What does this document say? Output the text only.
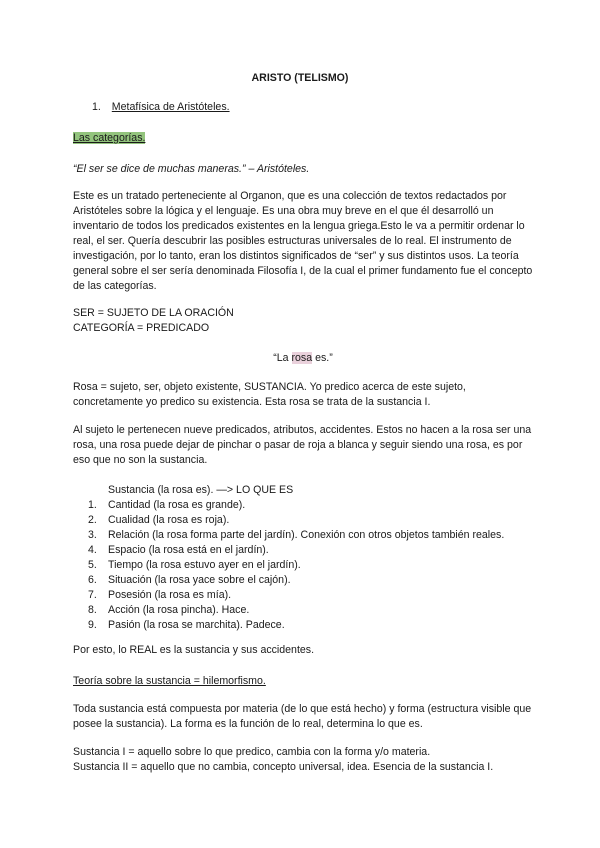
ARISTO (TELISMO)
1. Metafísica de Aristóteles.
Las categorías.
“El ser se dice de muchas maneras.” – Aristóteles.

Este es un tratado perteneciente al Organon, que es una colección de textos redactados por Aristóteles sobre la lógica y el lenguaje. Es una obra muy breve en el que él desarrolló un inventario de todos los predicados existentes en la lengua griega.Esto le va a permitir ordenar lo real, el ser. Quería descubrir las posibles estructuras universales de lo real. El instrumento de investigación, por lo tanto, eran los distintos significados de “ser” y sus distintos usos. La teoría general sobre el ser sería denominada Filosofía I, de la cual el primer fundamento fue el concepto de las categorías.

SER = SUJETO DE LA ORACIÓN
CATEGORÍA = PREDICADO
“La rosa es.”

Rosa = sujeto, ser, objeto existente, SUSTANCIA. Yo predico acerca de este sujeto, concretamente yo predico su existencia. Esta rosa se trata de la sustancia I.

Al sujeto le pertenecen nueve predicados, atributos, accidentes. Estos no hacen a la rosa ser una rosa, una rosa puede dejar de pinchar o pasar de roja a blanca y seguir siendo una rosa, es por eso que no son la sustancia.

Sustancia (la rosa es). —> LO QUE ES
1. Cantidad (la rosa es grande).
2. Cualidad (la rosa es roja).
3. Relación (la rosa forma parte del jardín). Conexión con otros objetos también reales.
4. Espacio (la rosa está en el jardín).
5. Tiempo (la rosa estuvo ayer en el jardín).
6. Situación (la rosa yace sobre el cajón).
7. Posesión (la rosa es mía).
8. Acción (la rosa pincha). Hace.
9. Pasión (la rosa se marchita). Padece.
Por esto, lo REAL es la sustancia y sus accidentes.
Teoría sobre la sustancia = hilemorfismo.

Toda sustancia está compuesta por materia (de lo que está hecho) y forma (estructura visible que posee la sustancia). La forma es la función de lo real, determina lo que es.

Sustancia I = aquello sobre lo que predico, cambia con la forma y/o materia.
Sustancia II = aquello que no cambia, concepto universal, idea. Esencia de la sustancia I.
